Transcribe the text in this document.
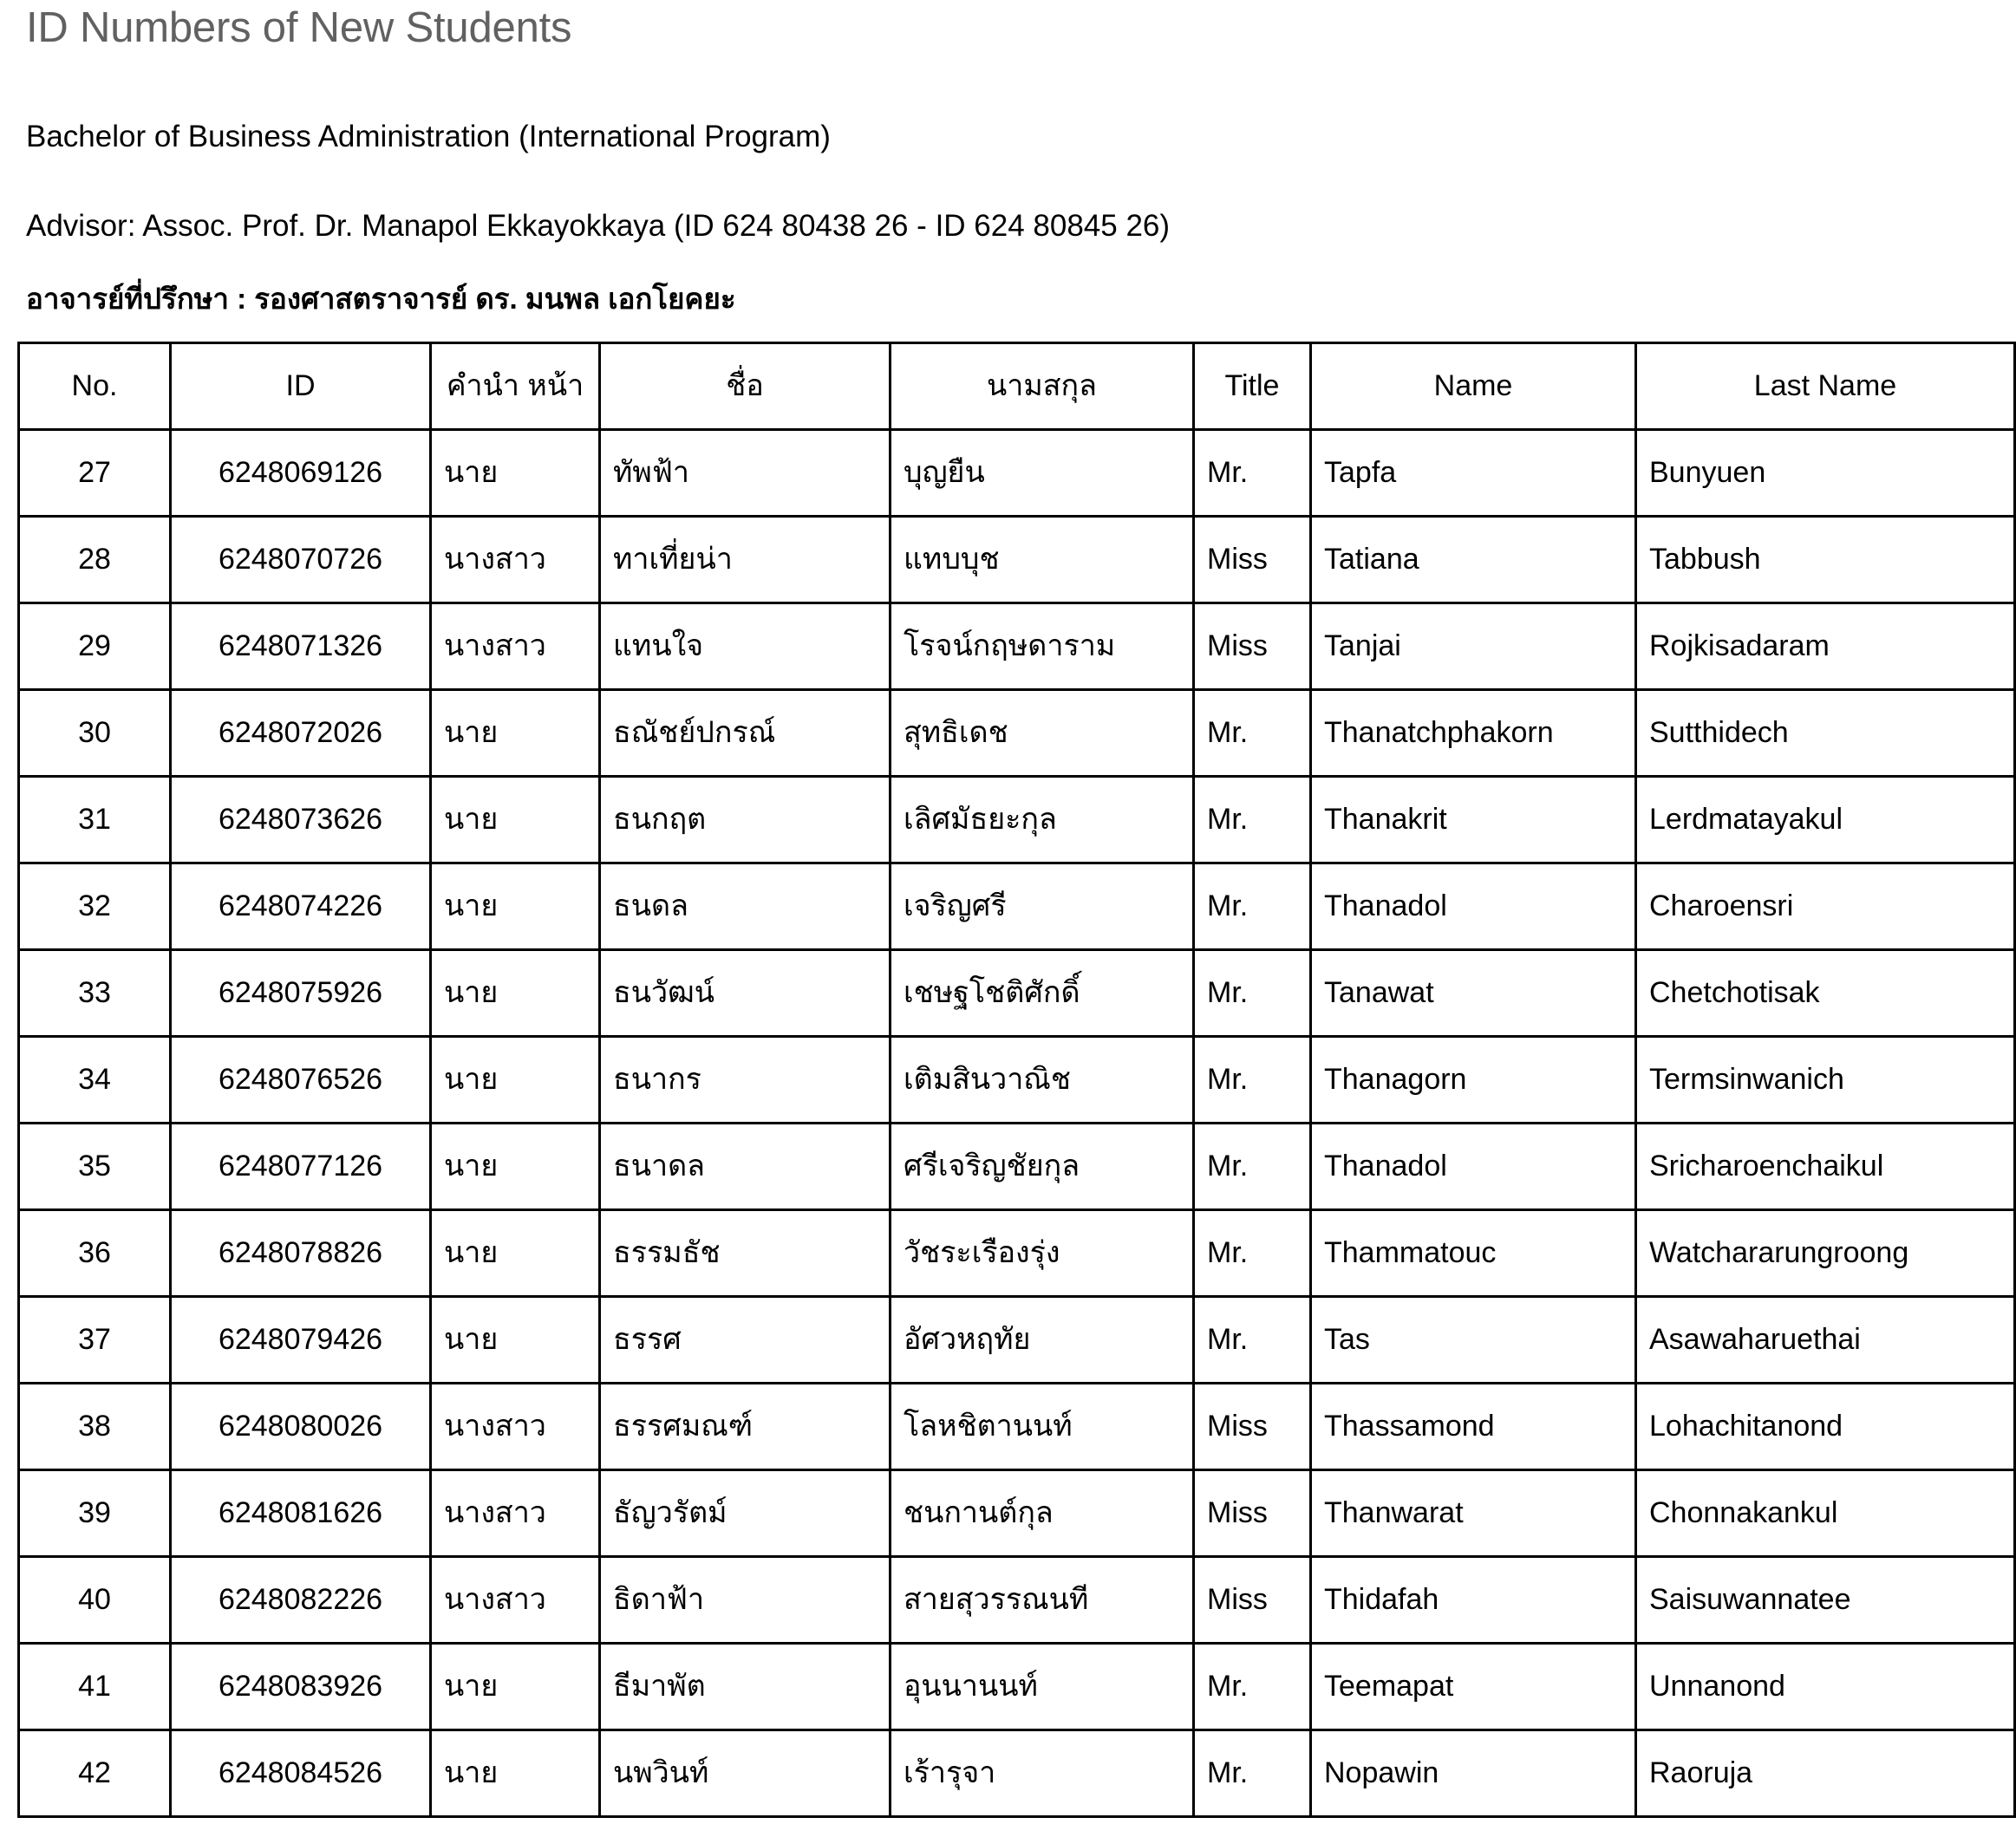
ID Numbers of New Students
Bachelor of Business Administration (International Program)
Advisor: Assoc. Prof. Dr. Manapol Ekkayokkaya (ID 624 80438 26 - ID 624 80845 26)
อาจารย์ที่ปรึกษา : รองศาสตราจารย์ ดร. มนพล เอกโยคยะ
No.	ID	คำนำ หน้า	ชื่อ	นามสกุล	Title	Name	Last Name
27	6248069126	นาย	ทัพฟ้า	บุญยืน	Mr.	Tapfa	Bunyuen
28	6248070726	นางสาว	ทาเที่ยน่า	แทบบุช	Miss	Tatiana	Tabbush
29	6248071326	นางสาว	แทนใจ	โรจน์กฤษดาราม	Miss	Tanjai	Rojkisadaram
30	6248072026	นาย	ธณัชย์ปกรณ์	สุทธิเดช	Mr.	Thanatchphakorn	Sutthidech
31	6248073626	นาย	ธนกฤต	เลิศมัธยะกุล	Mr.	Thanakrit	Lerdmatayakul
32	6248074226	นาย	ธนดล	เจริญศรี	Mr.	Thanadol	Charoensri
33	6248075926	นาย	ธนวัฒน์	เชษฐโชติศักดิ์	Mr.	Tanawat	Chetchotisak
34	6248076526	นาย	ธนากร	เติมสินวาณิช	Mr.	Thanagorn	Termsinwanich
35	6248077126	นาย	ธนาดล	ศรีเจริญชัยกุล	Mr.	Thanadol	Sricharoenchaikul
36	6248078826	นาย	ธรรมธัช	วัชระเรืองรุ่ง	Mr.	Thammatouc	Watchararungroong
37	6248079426	นาย	ธรรศ	อัศวหฤทัย	Mr.	Tas	Asawaharuethai
38	6248080026	นางสาว	ธรรศมณฑ์	โลหชิตานนท์	Miss	Thassamond	Lohachitanond
39	6248081626	นางสาว	ธัญวรัตม์	ชนกานต์กุล	Miss	Thanwarat	Chonnakankul
40	6248082226	นางสาว	ธิดาฟ้า	สายสุวรรณนที	Miss	Thidafah	Saisuwannatee
41	6248083926	นาย	ธีมาพัต	อุนนานนท์	Mr.	Teemapat	Unnanond
42	6248084526	นาย	นพวินท์	เร้ารุจา	Mr.	Nopawin	Raoruja
